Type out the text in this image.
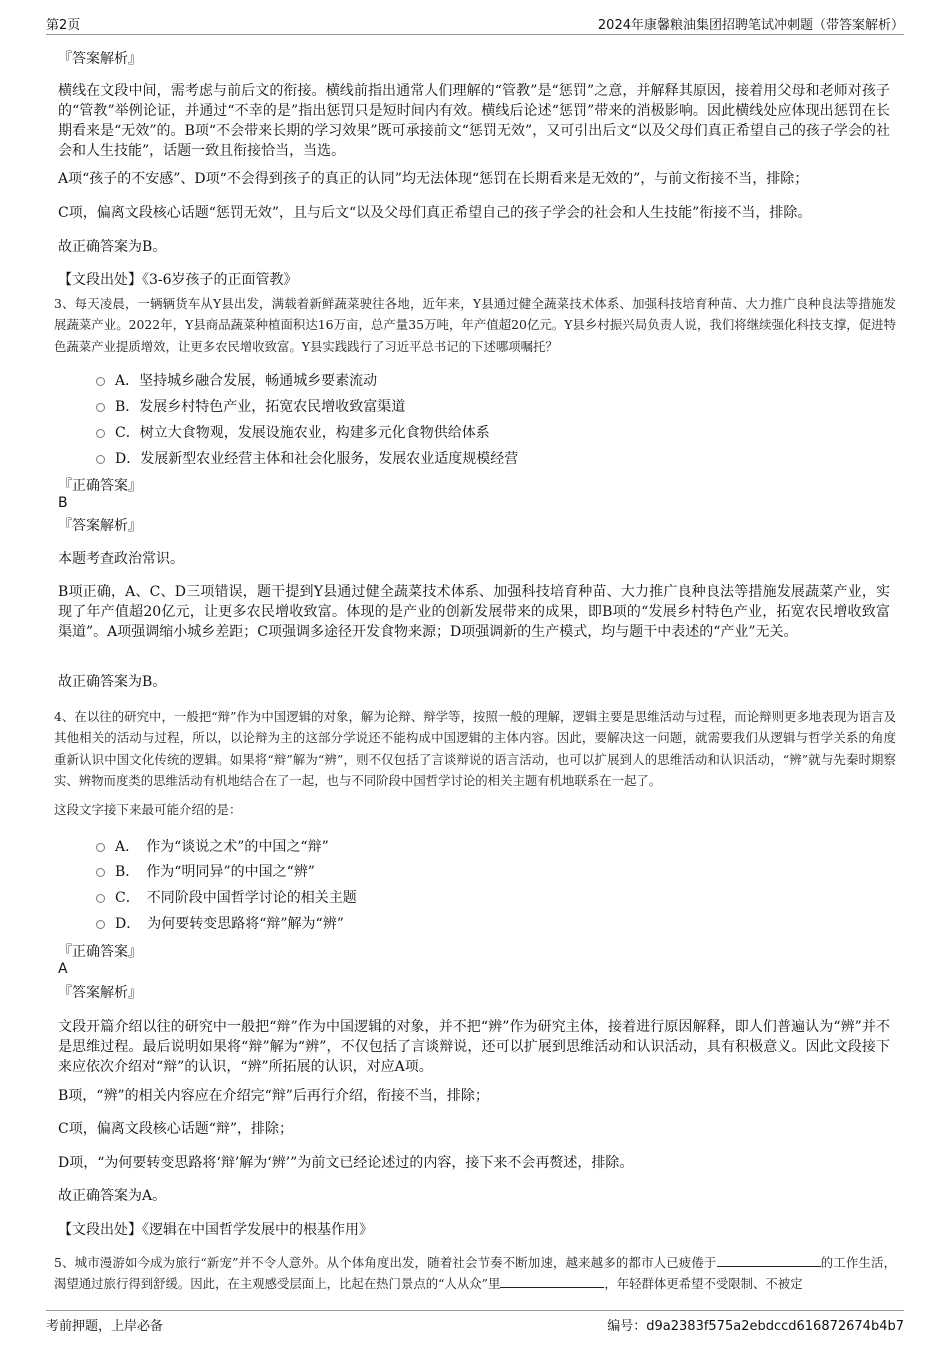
第2页	2024年康馨粮油集团招聘笔试冲刺题（带答案解析）
『答案解析』
横线在文段中间，需考虑与前后文的衔接。横线前指出通常人们理解的“管教”是“惩罚”之意，并解释其原因，接着用父母和老师对孩子的“管教”举例论证，并通过“不幸的是”指出惩罚只是短时间内有效。横线后论述“惩罚”带来的消极影响。因此横线处应体现出惩罚在长期看来是“无效”的。B项“不会带来长期的学习效果”既可承接前文“惩罚无效”，又可引出后文“以及父母们真正希望自己的孩子学会的社会和人生技能”，话题一致且衔接恰当，当选。
A项“孩子的不安感”、D项“不会得到孩子的真正的认同”均无法体现“惩罚在长期看来是无效的”，与前文衔接不当，排除；
C项，偏离文段核心话题“惩罚无效”，且与后文“以及父母们真正希望自己的孩子学会的社会和人生技能”衔接不当，排除。
故正确答案为B。
【文段出处】《3-6岁孩子的正面管教》
3、每天凌晨，一辆辆货车从Y县出发，满载着新鲜蔬菜驶往各地，近年来，Y县通过健全蔬菜技术体系、加强科技培育种苗、大力推广良种良法等措施发展蔬菜产业。2022年，Y县商品蔬菜种植面积达16万亩，总产量35万吨，年产值超20亿元。Y县乡村振兴局负责人说，我们将继续强化科技支撑，促进特色蔬菜产业提质增效，让更多农民增收致富。Y县实践践行了习近平总书记的下述哪项嘱托？
A．坚持城乡融合发展，畅通城乡要素流动
B．发展乡村特色产业，拓宽农民增收致富渠道
C．树立大食物观，发展设施农业，构建多元化食物供给体系
D．发展新型农业经营主体和社会化服务，发展农业适度规模经营
『正确答案』
B
『答案解析』
本题考查政治常识。
B项正确，A、C、D三项错误，题干提到Y县通过健全蔬菜技术体系、加强科技培育种苗、大力推广良种良法等措施发展蔬菜产业，实现了年产值超20亿元，让更多农民增收致富。体现的是产业的创新发展带来的成果，即B项的“发展乡村特色产业，拓宽农民增收致富渠道”。A项强调缩小城乡差距；C项强调多途径开发食物来源；D项强调新的生产模式，均与题干中表述的“产业”无关。
故正确答案为B。
4、在以往的研究中，一般把“辩”作为中国逻辑的对象，解为论辩、辩学等，按照一般的理解，逻辑主要是思维活动与过程，而论辩则更多地表现为语言及其他相关的活动与过程，所以，以论辩为主的这部分学说还不能构成中国逻辑的主体内容。因此，要解决这一问题，就需要我们从逻辑与哲学关系的角度重新认识中国文化传统的逻辑。如果将“辩”解为“辨”，则不仅包括了言谈辩说的语言活动，也可以扩展到人的思维活动和认识活动，“辨”就与先秦时期察实、辨物而度类的思维活动有机地结合在了一起，也与不同阶段中国哲学讨论的相关主题有机地联系在一起了。
这段文字接下来最可能介绍的是：
A．　作为“谈说之术”的中国之“辩”
B．　作为“明同异”的中国之“辨”
C．　不同阶段中国哲学讨论的相关主题
D．　为何要转变思路将“辩”解为“辨”
『正确答案』
A
『答案解析』
文段开篇介绍以往的研究中一般把“辩”作为中国逻辑的对象，并不把“辨”作为研究主体，接着进行原因解释，即人们普遍认为“辨”并不是思维过程。最后说明如果将“辩”解为“辨”，不仅包括了言谈辩说，还可以扩展到思维活动和认识活动，具有积极意义。因此文段接下来应依次介绍对“辩”的认识，“辨”所拓展的认识，对应A项。
B项，“辨”的相关内容应在介绍完“辩”后再行介绍，衔接不当，排除；
C项，偏离文段核心话题“辩”，排除；
D项，“为何要转变思路将‘辩’解为‘辨’”为前文已经论述过的内容，接下来不会再赘述，排除。
故正确答案为A。
【文段出处】《逻辑在中国哲学发展中的根基作用》
5、城市漫游如今成为旅行“新宠”并不令人意外。从个体角度出发，随着社会节奏不断加速，越来越多的都市人已疲倦于	的工作生活，渴望通过旅行得到舒缓。因此，在主观感受层面上，比起在热门景点的“人从众”里	，年轻群体更希望不受限制、不被定
考前押题，上岸必备	编号：d9a2383f575a2ebdccd616872674b4b7
